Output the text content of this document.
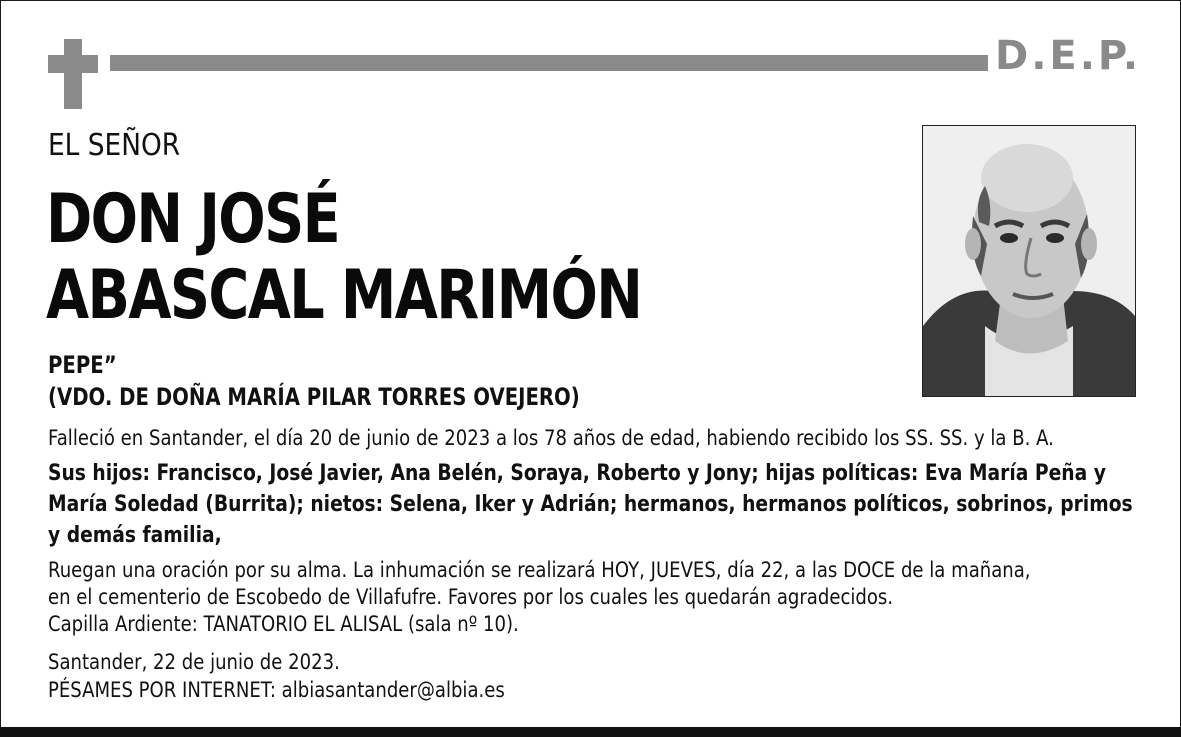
D.E.P.
EL SEÑOR
DON JOSÉ
ABASCAL MARIMÓN
PEPE”
(VDO. DE DOÑA MARÍA PILAR TORRES OVEJERO)
Falleció en Santander, el día 20 de junio de 2023 a los 78 años de edad, habiendo recibido los SS. SS. y la B. A.
Sus hijos: Francisco, José Javier, Ana Belén, Soraya, Roberto y Jony; hijas políticas: Eva María Peña y
María Soledad (Burrita); nietos: Selena, Iker y Adrián; hermanos, hermanos políticos, sobrinos, primos
y demás familia,
Ruegan una oración por su alma. La inhumación se realizará HOY, JUEVES, día 22, a las DOCE de la mañana,
en el cementerio de Escobedo de Villafufre. Favores por los cuales les quedarán agradecidos.
Capilla Ardiente: TANATORIO EL ALISAL (sala nº 10).
Santander, 22 de junio de 2023.
PÉSAMES POR INTERNET: albiasantander@albia.es
